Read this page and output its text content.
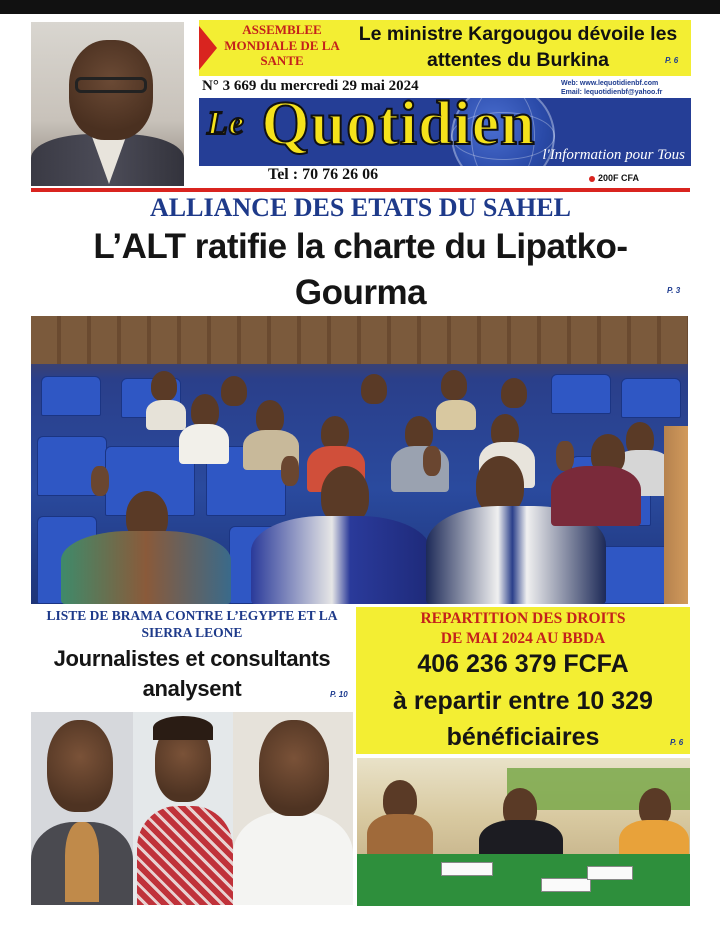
ASSEMBLEE MONDIALE DE LA SANTE
Le ministre Kargougou dévoile les attentes du Burkina	P. 6
N° 3 669 du mercredi 29 mai 2024	Web: www.lequotidienbf.com
Email: lequotidienbf@yahoo.fr
$^{Le}$ Quotidien l'Information pour Tous
Tel : 70 76 26 06	200F CFA
ALLIANCE DES ETATS DU SAHEL
L’ALT ratifie la charte du Lipatko-Gourma	P. 3
LISTE DE BRAMA CONTRE L’EGYPTE ET LA SIERRA LEONE
Journalistes et consultants
analysent	P. 10
REPARTITION DES DROITS
DE MAI 2024 AU BBDA
406 236 379 FCFA
à repartir entre 10 329
bénéficiaires	P. 6
